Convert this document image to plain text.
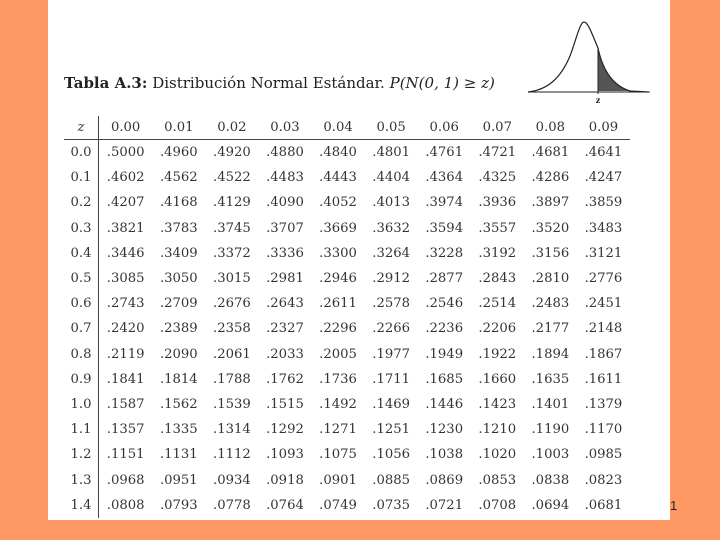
Tabla A.3: Distribución Normal Estándar. P(N(0, 1) ≥ z)
z
z	0.00	0.01	0.02	0.03	0.04	0.05	0.06	0.07	0.08	0.09
0.0	.5000	.4960	.4920	.4880	.4840	.4801	.4761	.4721	.4681	.4641
0.1	.4602	.4562	.4522	.4483	.4443	.4404	.4364	.4325	.4286	.4247
0.2	.4207	.4168	.4129	.4090	.4052	.4013	.3974	.3936	.3897	.3859
0.3	.3821	.3783	.3745	.3707	.3669	.3632	.3594	.3557	.3520	.3483
0.4	.3446	.3409	.3372	.3336	.3300	.3264	.3228	.3192	.3156	.3121
0.5	.3085	.3050	.3015	.2981	.2946	.2912	.2877	.2843	.2810	.2776
0.6	.2743	.2709	.2676	.2643	.2611	.2578	.2546	.2514	.2483	.2451
0.7	.2420	.2389	.2358	.2327	.2296	.2266	.2236	.2206	.2177	.2148
0.8	.2119	.2090	.2061	.2033	.2005	.1977	.1949	.1922	.1894	.1867
0.9	.1841	.1814	.1788	.1762	.1736	.1711	.1685	.1660	.1635	.1611
1.0	.1587	.1562	.1539	.1515	.1492	.1469	.1446	.1423	.1401	.1379
1.1	.1357	.1335	.1314	.1292	.1271	.1251	.1230	.1210	.1190	.1170
1.2	.1151	.1131	.1112	.1093	.1075	.1056	.1038	.1020	.1003	.0985
1.3	.0968	.0951	.0934	.0918	.0901	.0885	.0869	.0853	.0838	.0823
1.4	.0808	.0793	.0778	.0764	.0749	.0735	.0721	.0708	.0694	.0681	1
